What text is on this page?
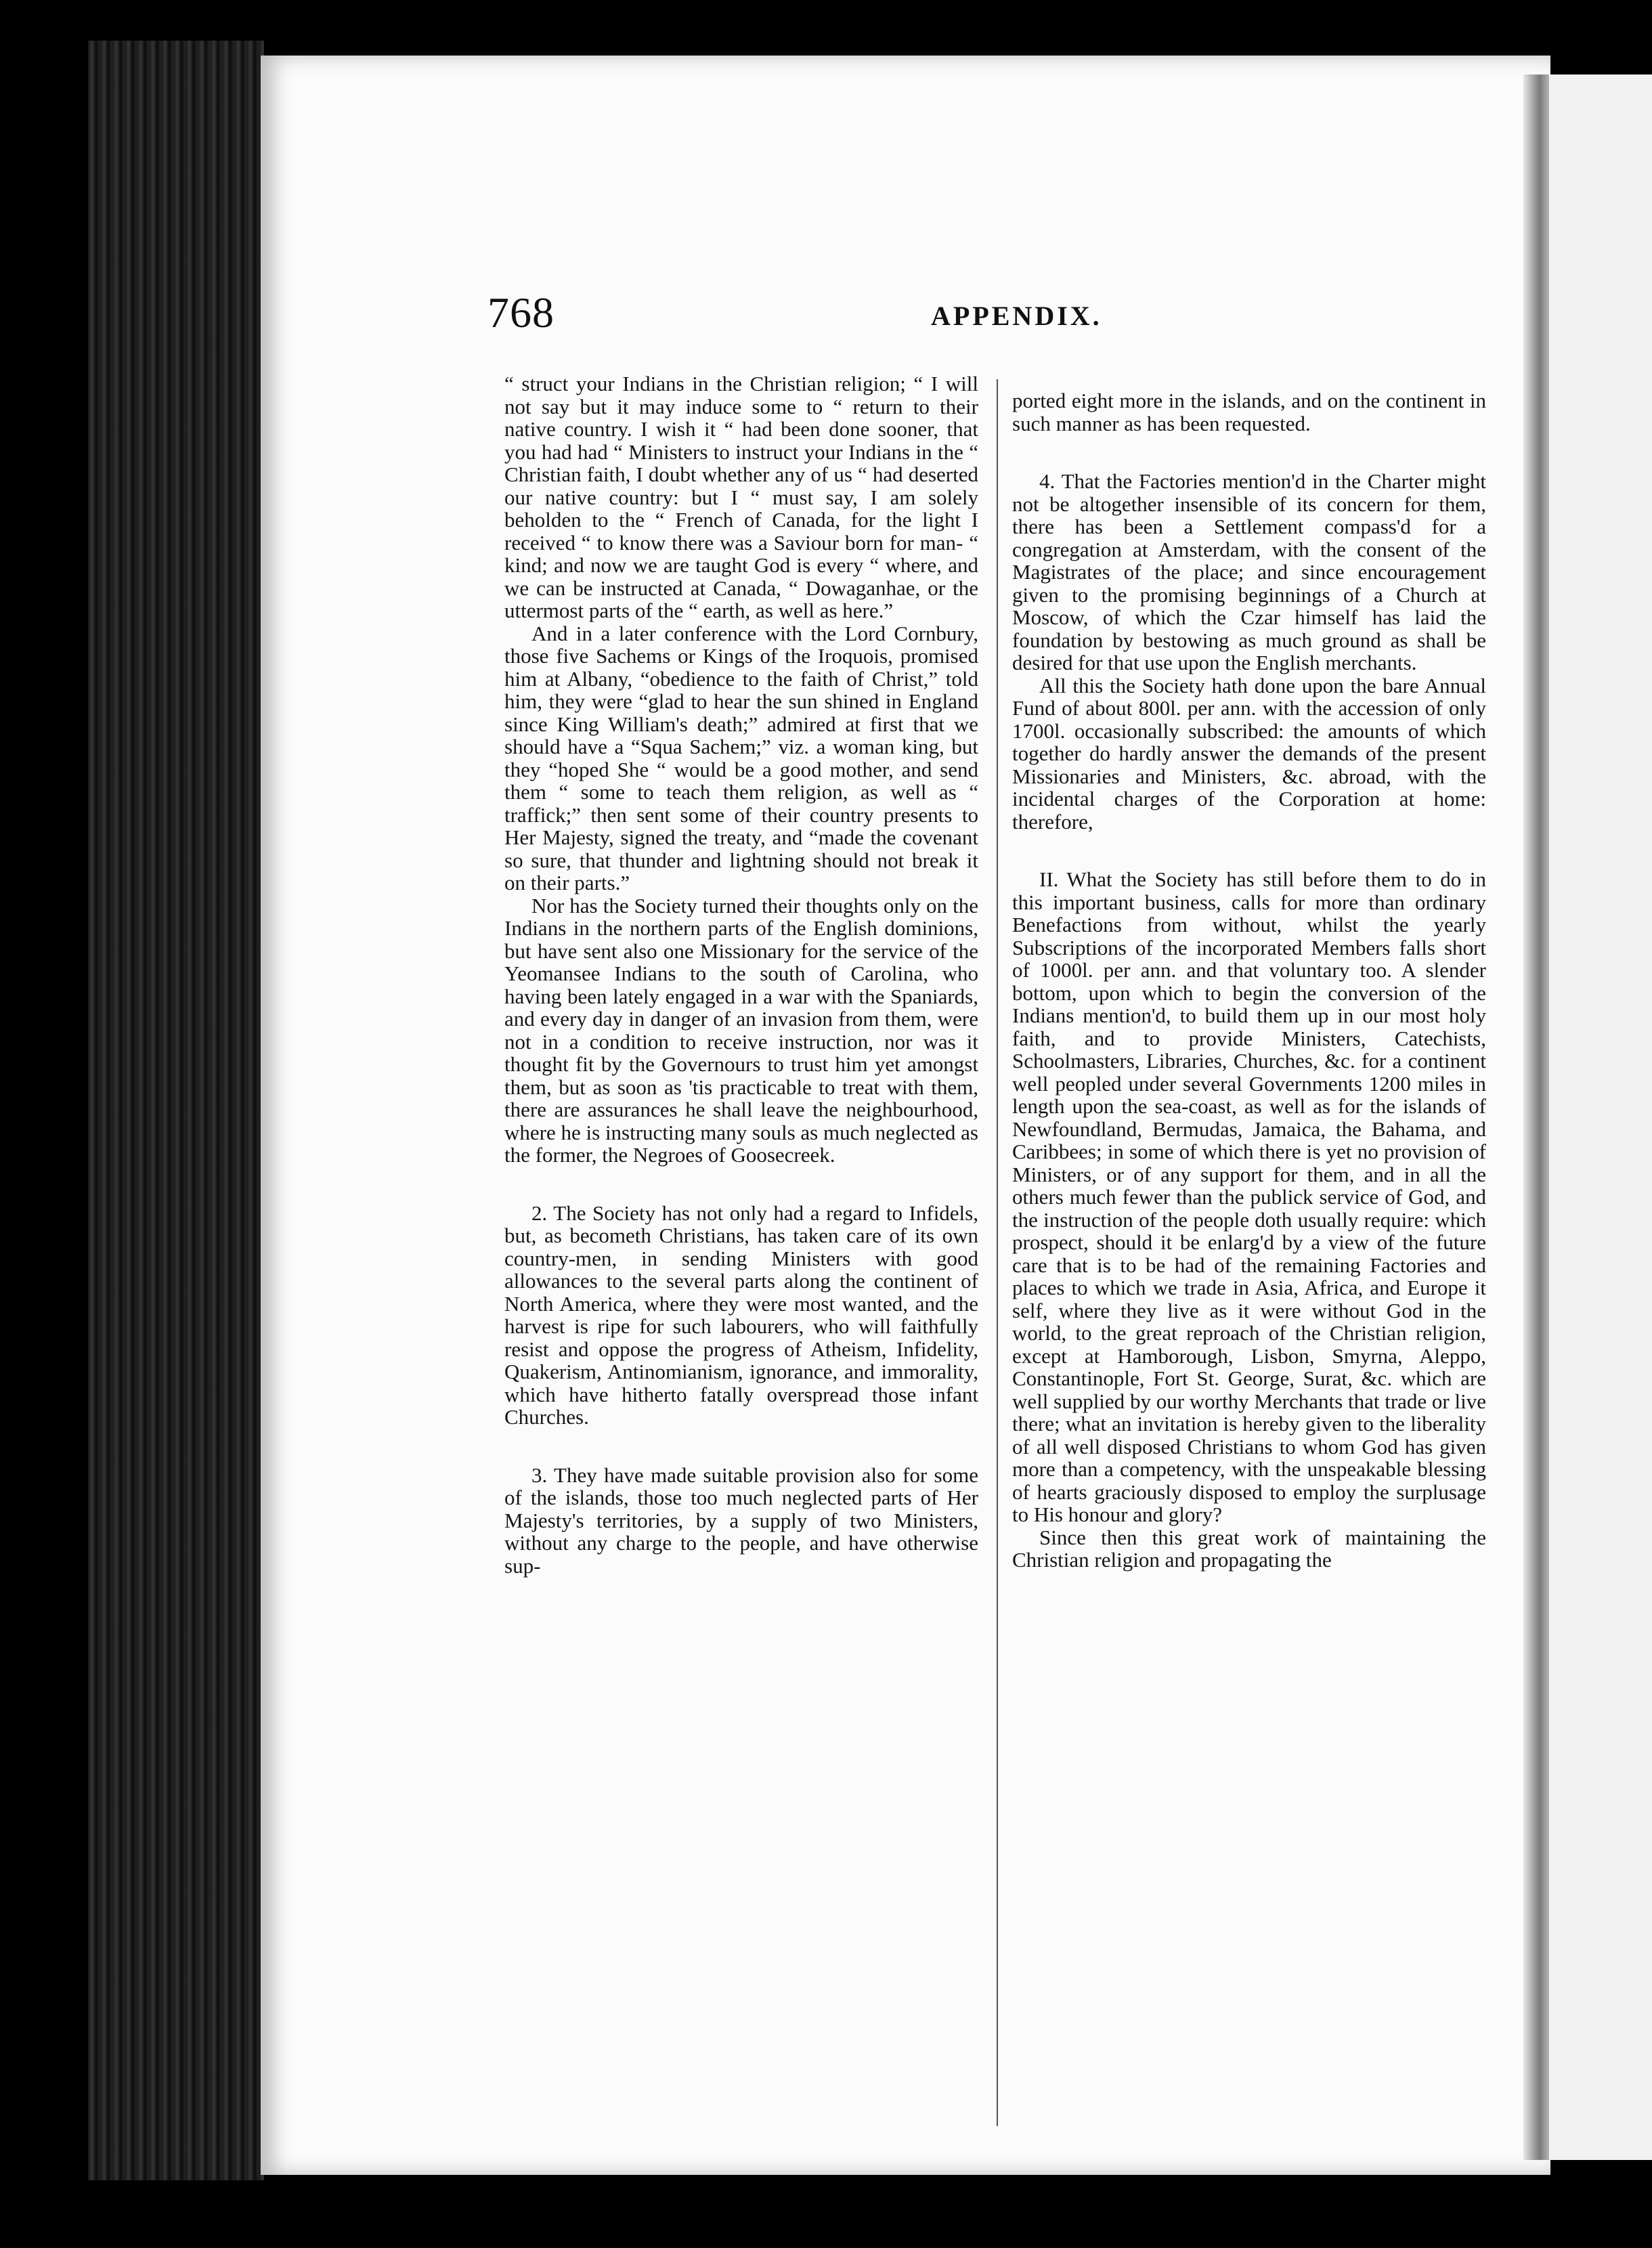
768	APPENDIX.

“ struct your Indians in the Christian religion; “ I will not say but it may induce some to “ return to their native country. I wish it “ had been done sooner, that you had had “ Ministers to instruct your Indians in the “ Christian faith, I doubt whether any of us “ had deserted our native country: but I “ must say, I am solely beholden to the “ French of Canada, for the light I received “ to know there was a Saviour born for man- “ kind; and now we are taught God is every “ where, and we can be instructed at Canada, “ Dowaganhae, or the uttermost parts of the “ earth, as well as here.”

And in a later conference with the Lord Cornbury, those five Sachems or Kings of the Iroquois, promised him at Albany, “obedience to the faith of Christ,” told him, they were “glad to hear the sun shined in England since King William's death;” admired at first that we should have a “Squa Sachem;” viz. a woman king, but they “hoped She “ would be a good mother, and send them “ some to teach them religion, as well as “ traffick;” then sent some of their country presents to Her Majesty, signed the treaty, and “made the covenant so sure, that thunder and lightning should not break it on their parts.”

Nor has the Society turned their thoughts only on the Indians in the northern parts of the English dominions, but have sent also one Missionary for the service of the Yeomansee Indians to the south of Carolina, who having been lately engaged in a war with the Spaniards, and every day in danger of an invasion from them, were not in a condition to receive instruction, nor was it thought fit by the Governours to trust him yet amongst them, but as soon as 'tis practicable to treat with them, there are assurances he shall leave the neighbourhood, where he is instructing many souls as much neglected as the former, the Negroes of Goosecreek.

2. The Society has not only had a regard to Infidels, but, as becometh Christians, has taken care of its own country-men, in sending Ministers with good allowances to the several parts along the continent of North America, where they were most wanted, and the harvest is ripe for such labourers, who will faithfully resist and oppose the progress of Atheism, Infidelity, Quakerism, Antinomianism, ignorance, and immorality, which have hitherto fatally overspread those infant Churches.

3. They have made suitable provision also for some of the islands, those too much neglected parts of Her Majesty's territories, by a supply of two Ministers, without any charge to the people, and have otherwise sup-

ported eight more in the islands, and on the continent in such manner as has been requested.

4. That the Factories mention'd in the Charter might not be altogether insensible of its concern for them, there has been a Settlement compass'd for a congregation at Amsterdam, with the consent of the Magistrates of the place; and since encouragement given to the promising beginnings of a Church at Moscow, of which the Czar himself has laid the foundation by bestowing as much ground as shall be desired for that use upon the English merchants.

All this the Society hath done upon the bare Annual Fund of about 800l. per ann. with the accession of only 1700l. occasionally subscribed: the amounts of which together do hardly answer the demands of the present Missionaries and Ministers, &c. abroad, with the incidental charges of the Corporation at home: therefore,

II. What the Society has still before them to do in this important business, calls for more than ordinary Benefactions from without, whilst the yearly Subscriptions of the incorporated Members falls short of 1000l. per ann. and that voluntary too. A slender bottom, upon which to begin the conversion of the Indians mention'd, to build them up in our most holy faith, and to provide Ministers, Catechists, Schoolmasters, Libraries, Churches, &c. for a continent well peopled under several Governments 1200 miles in length upon the sea-coast, as well as for the islands of Newfoundland, Bermudas, Jamaica, the Bahama, and Caribbees; in some of which there is yet no provision of Ministers, or of any support for them, and in all the others much fewer than the publick service of God, and the instruction of the people doth usually require: which prospect, should it be enlarg'd by a view of the future care that is to be had of the remaining Factories and places to which we trade in Asia, Africa, and Europe it self, where they live as it were without God in the world, to the great reproach of the Christian religion, except at Hamborough, Lisbon, Smyrna, Aleppo, Constantinople, Fort St. George, Surat, &c. which are well supplied by our worthy Merchants that trade or live there; what an invitation is hereby given to the liberality of all well disposed Christians to whom God has given more than a competency, with the unspeakable blessing of hearts graciously disposed to employ the surplusage to His honour and glory?

Since then this great work of maintaining the Christian religion and propagating the
